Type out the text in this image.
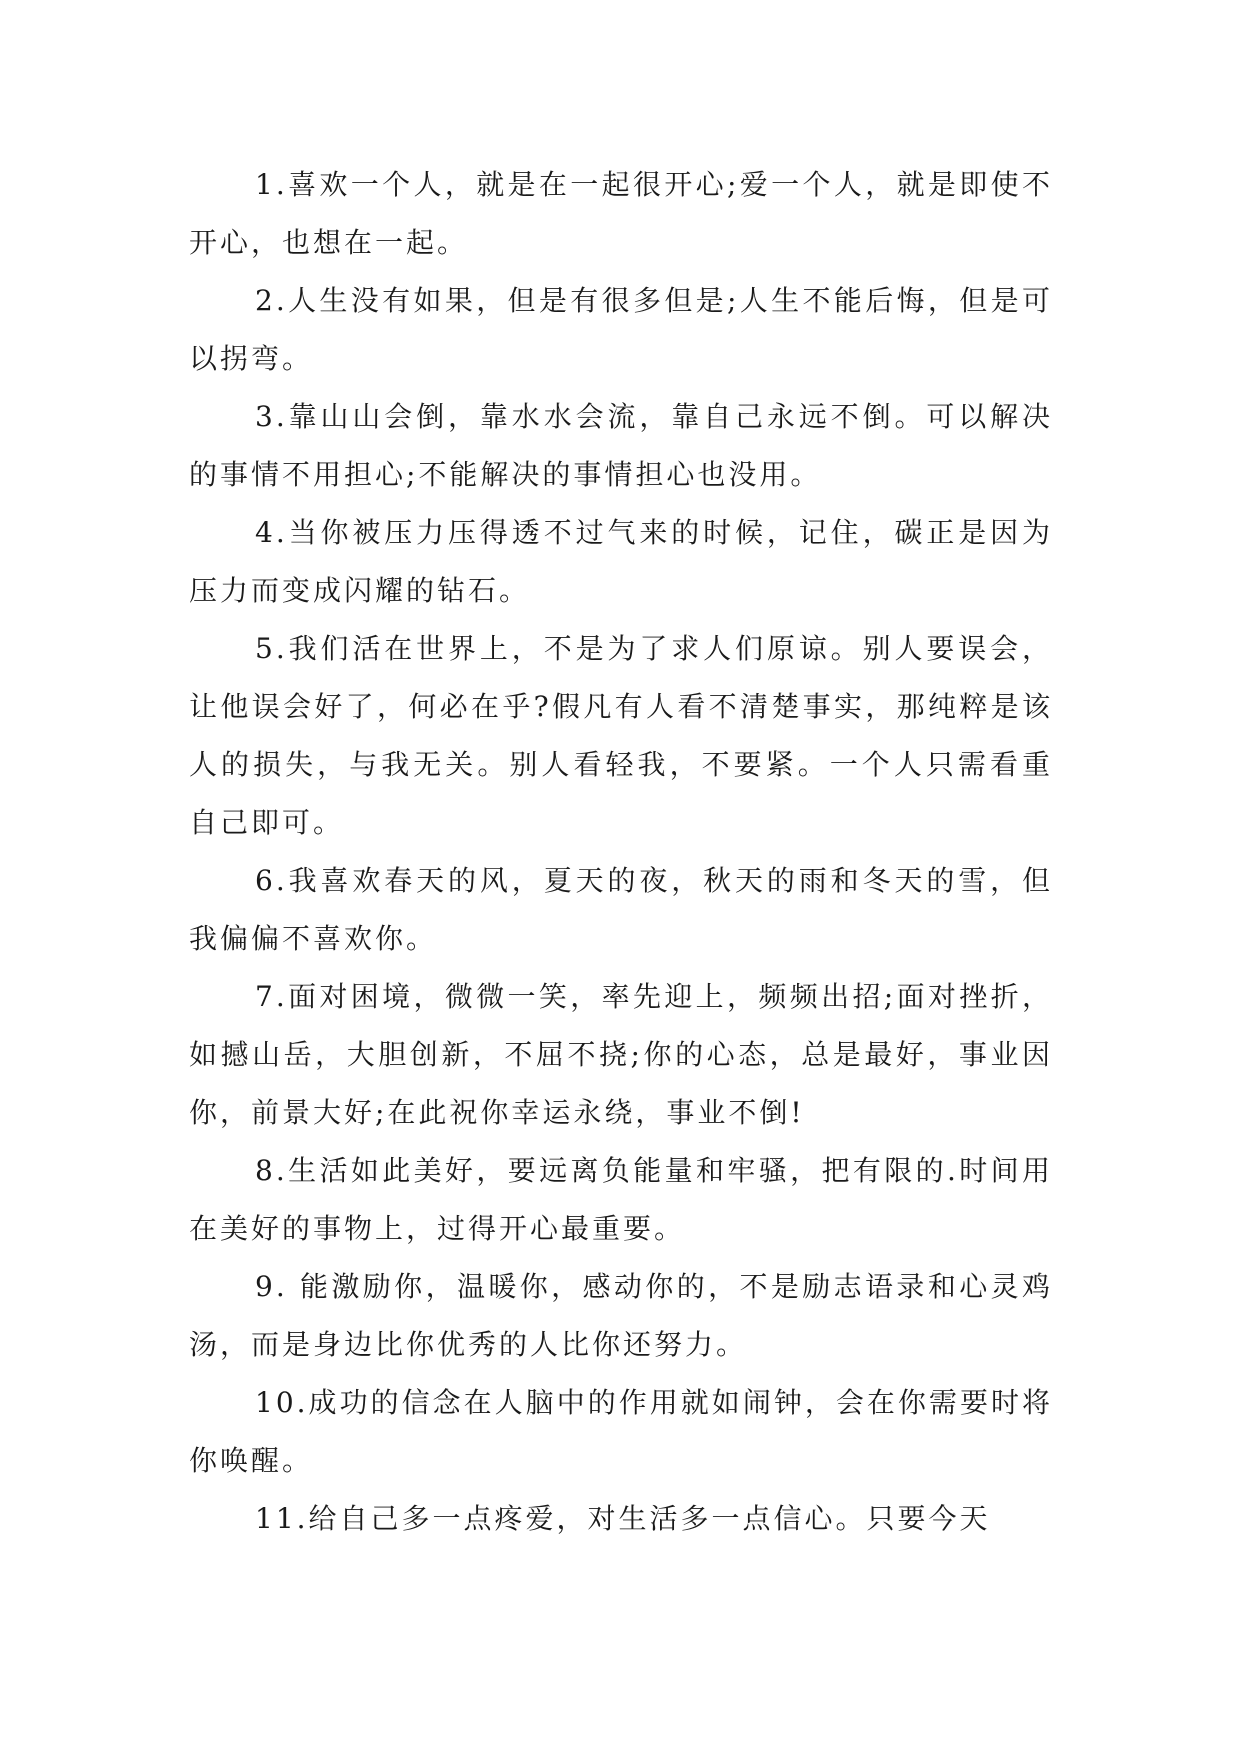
1.喜欢一个人，就是在一起很开心;爱一个人，就是即使不开心，也想在一起。

2.人生没有如果，但是有很多但是;人生不能后悔，但是可以拐弯。

3.靠山山会倒，靠水水会流，靠自己永远不倒。可以解决的事情不用担心;不能解决的事情担心也没用。

4.当你被压力压得透不过气来的时候，记住，碳正是因为压力而变成闪耀的钻石。

5.我们活在世界上，不是为了求人们原谅。别人要误会，让他误会好了，何必在乎?假凡有人看不清楚事实，那纯粹是该人的损失，与我无关。别人看轻我，不要紧。一个人只需看重自己即可。

6.我喜欢春天的风，夏天的夜，秋天的雨和冬天的雪，但我偏偏不喜欢你。

7.面对困境，微微一笑，率先迎上，频频出招;面对挫折，如撼山岳，大胆创新，不屈不挠;你的心态，总是最好，事业因你，前景大好;在此祝你幸运永绕，事业不倒!

8.生活如此美好，要远离负能量和牢骚，把有限的.时间用在美好的事物上，过得开心最重要。

9. 能激励你，温暖你，感动你的，不是励志语录和心灵鸡汤，而是身边比你优秀的人比你还努力。

10.成功的信念在人脑中的作用就如闹钟，会在你需要时将你唤醒。

11.给自己多一点疼爱，对生活多一点信心。只要今天
